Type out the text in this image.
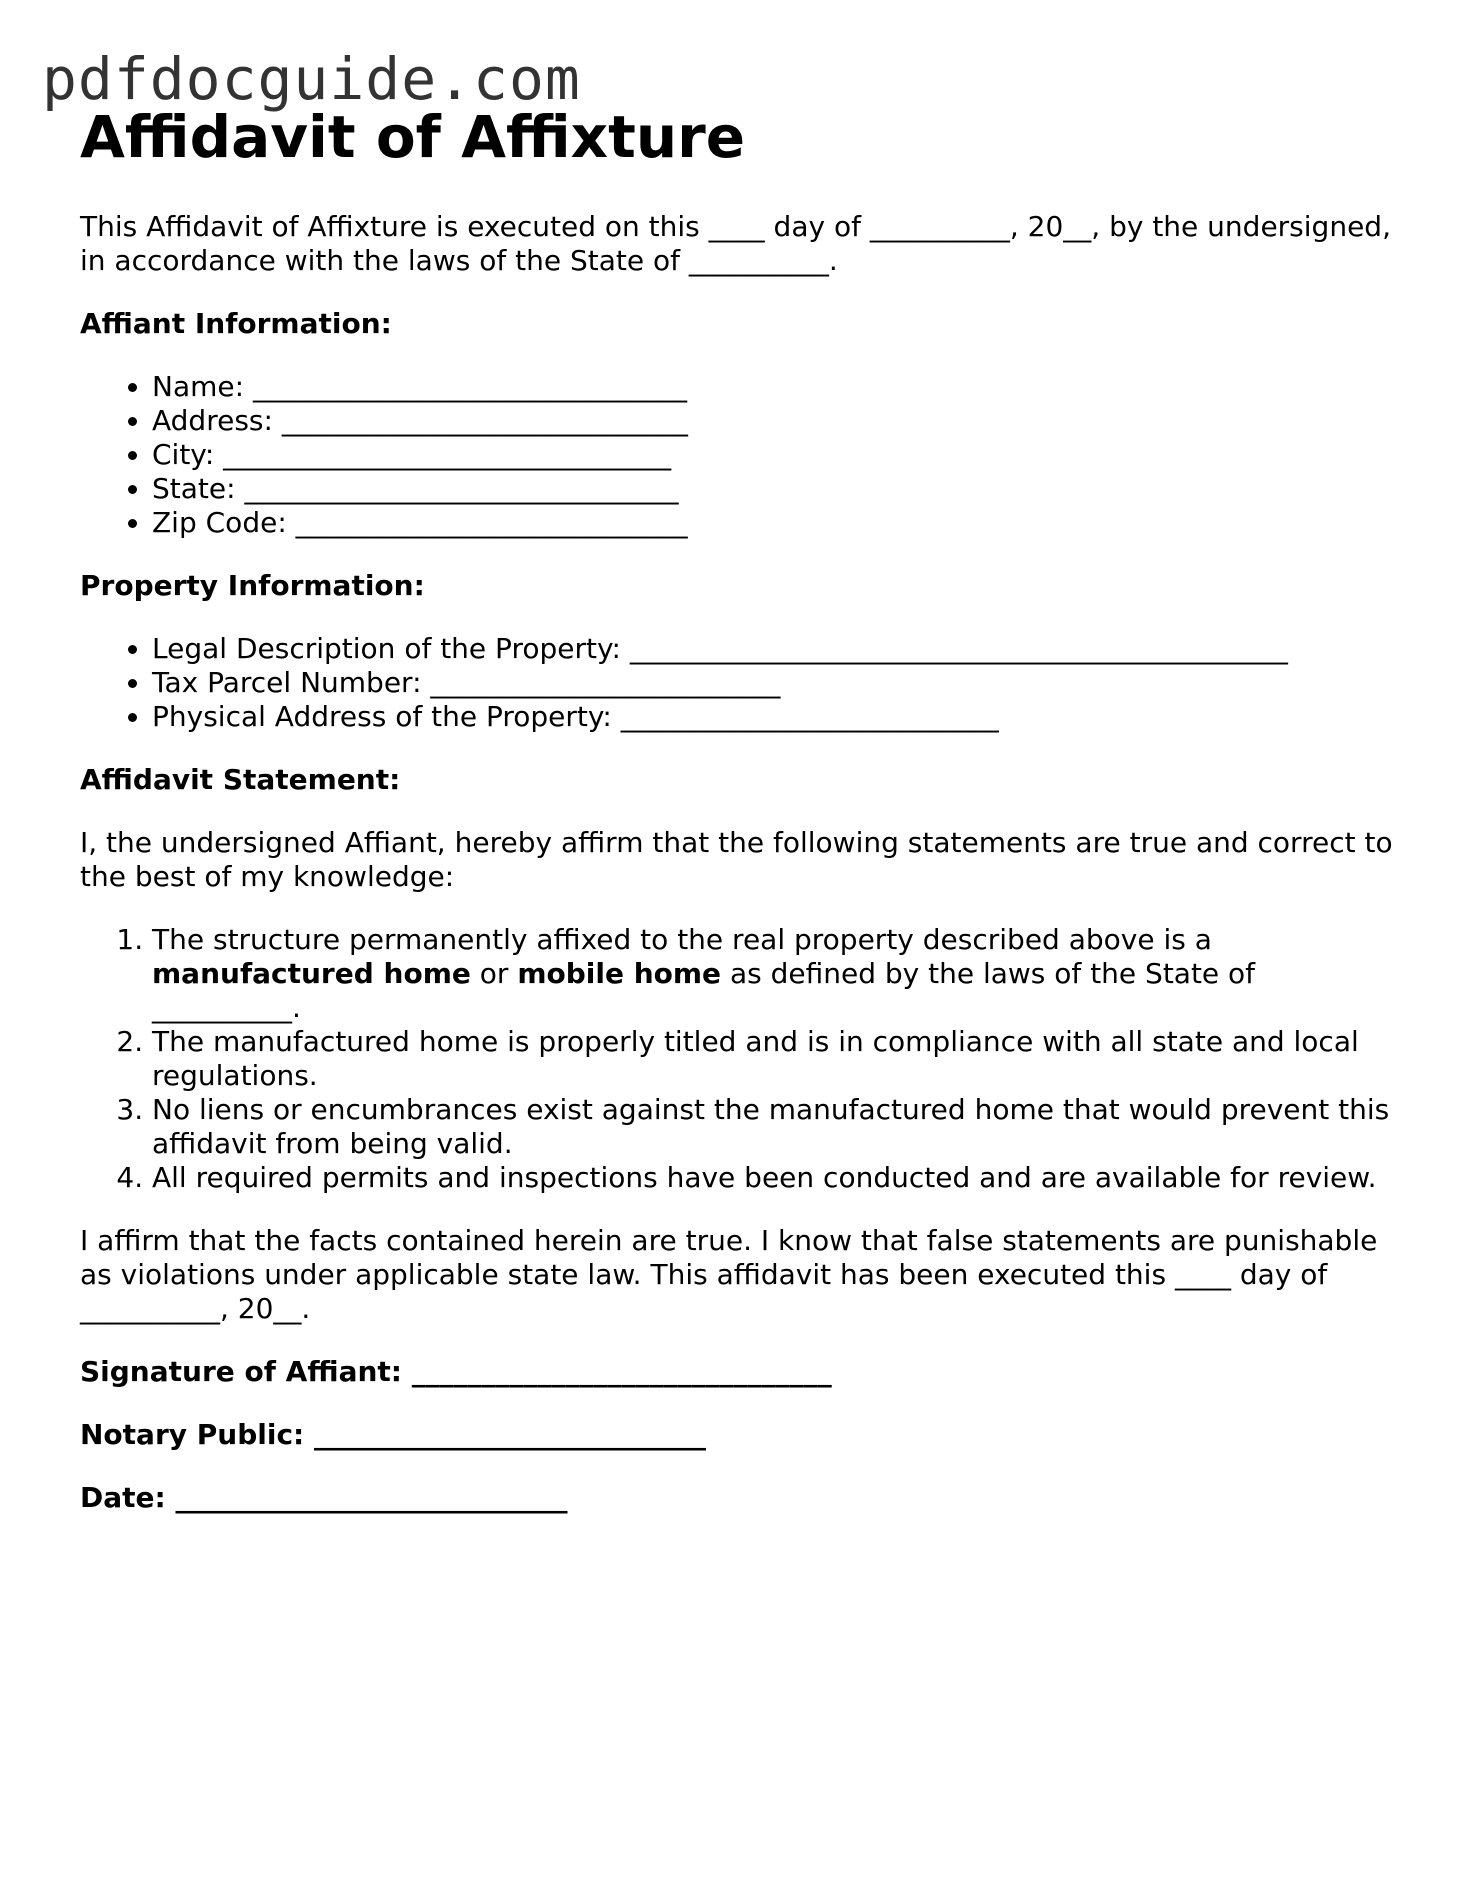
pdfdocguide.com
Affidavit of Affixture

This Affidavit of Affixture is executed on this ____ day of __________, 20__, by the undersigned, in accordance with the laws of the State of __________.

Affiant Information:
• Name: _______________________________
• Address: _____________________________
• City: ________________________________
• State: _______________________________
• Zip Code: ____________________________
Property Information:
• Legal Description of the Property: _______________________________________________
• Tax Parcel Number: _________________________
• Physical Address of the Property: ___________________________
Affidavit Statement:

I, the undersigned Affiant, hereby affirm that the following statements are true and correct to the best of my knowledge:

1. The structure permanently affixed to the real property described above is a manufactured home or mobile home as defined by the laws of the State of __________.
2. The manufactured home is properly titled and is in compliance with all state and local regulations.
3. No liens or encumbrances exist against the manufactured home that would prevent this affidavit from being valid.
4. All required permits and inspections have been conducted and are available for review.

I affirm that the facts contained herein are true. I know that false statements are punishable as violations under applicable state law. This affidavit has been executed this ____ day of __________, 20__.

Signature of Affiant: ______________________________
Notary Public: ____________________________
Date: ____________________________
